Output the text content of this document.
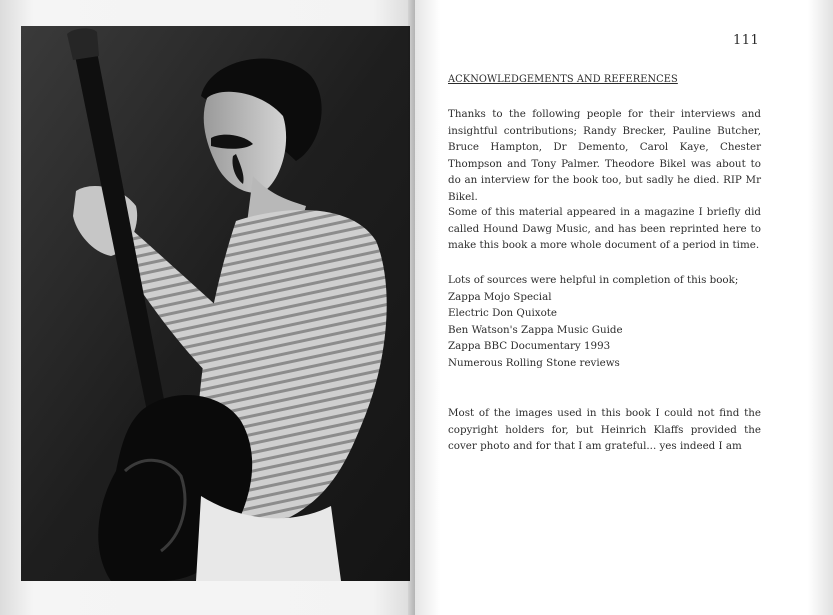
111
ACKNOWLEDGEMENTS AND REFERENCES
Thanks to the following people for their interviews and insightful contributions; Randy Brecker, Pauline Butcher, Bruce Hampton, Dr Demento, Carol Kaye, Chester Thompson and Tony Palmer. Theodore Bikel was about to do an interview for the book too, but sadly he died. RIP Mr Bikel.
Some of this material appeared in a magazine I briefly did called Hound Dawg Music, and has been reprinted here to make this book a more whole document of a period in time.
Lots of sources were helpful in completion of this book;
Zappa Mojo Special
Electric Don Quixote
Ben Watson's Zappa Music Guide
Zappa BBC Documentary 1993
Numerous Rolling Stone reviews
Most of the images used in this book I could not find the copyright holders for, but Heinrich Klaffs provided the cover photo and for that I am grateful... yes indeed I am
